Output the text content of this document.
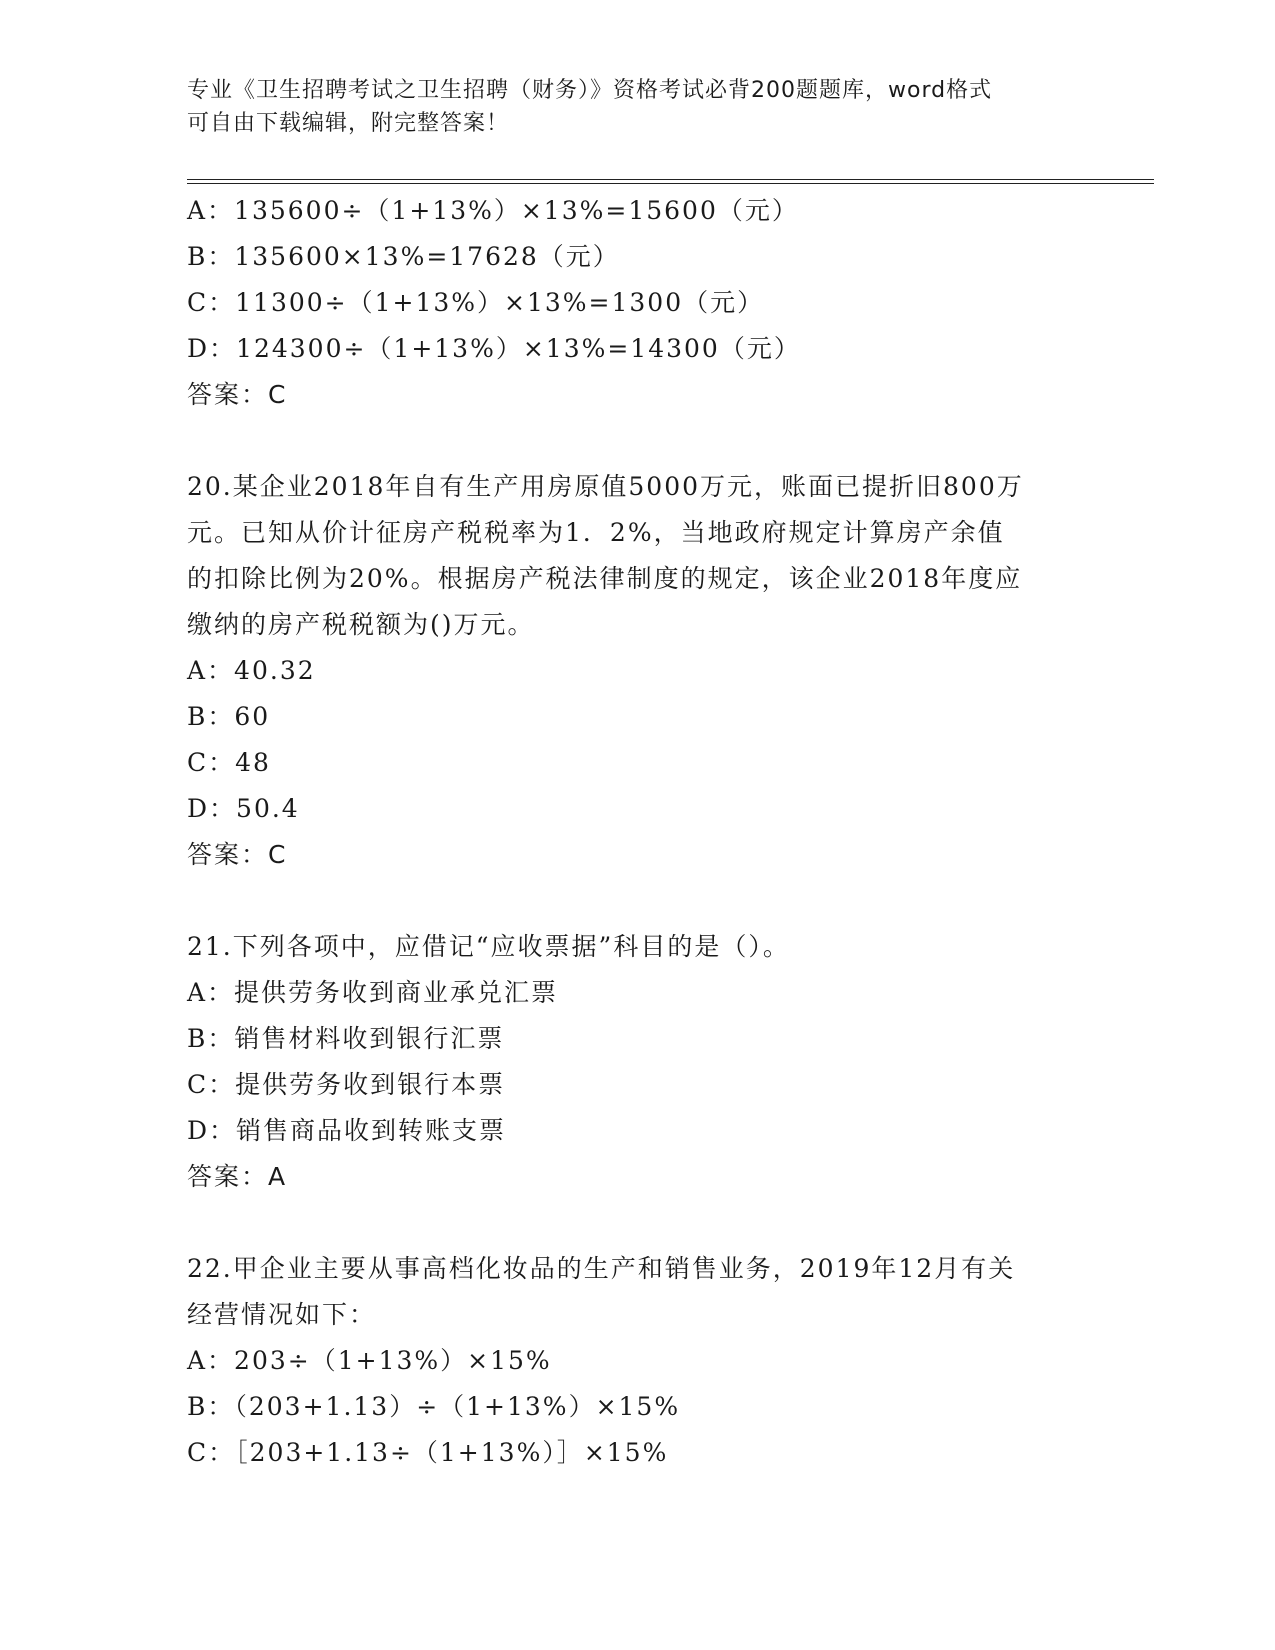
专业《卫生招聘考试之卫生招聘（财务）》资格考试必背200题题库，word格式
可自由下载编辑，附完整答案！
A：135600÷（1+13%）×13%=15600（元）
B：135600×13%=17628（元）
C：11300÷（1+13%）×13%=1300（元）
D：124300÷（1+13%）×13%=14300（元）
答案：C
20.某企业2018年自有生产用房原值5000万元，账面已提折旧800万
元。已知从价计征房产税税率为1．2%，当地政府规定计算房产余值
的扣除比例为20%。根据房产税法律制度的规定，该企业2018年度应
缴纳的房产税税额为()万元。
A：40.32
B：60
C：48
D：50.4
答案：C
21.下列各项中，应借记“应收票据”科目的是（）。
A：提供劳务收到商业承兑汇票
B：销售材料收到银行汇票
C：提供劳务收到银行本票
D：销售商品收到转账支票
答案：A
22.甲企业主要从事高档化妆品的生产和销售业务，2019年12月有关
经营情况如下：
A：203÷（1+13%）×15%
B：（203+1.13）÷（1+13%）×15%
C：［203+1.13÷（1+13%）］×15%
